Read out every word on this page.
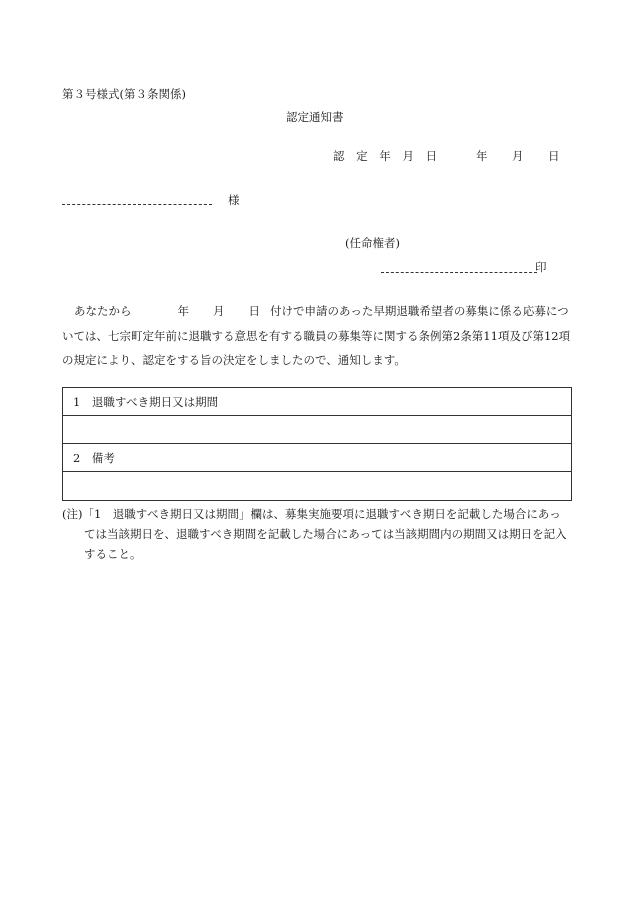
第３号様式(第３条関係)
認定通知書
認 定 年 月 日	年 月 日
様
(任命権者)
印
あなたから	年 月 日 付けで申請のあった早期退職希望者の募集に係る応募については、七宗町定年前に退職する意思を有する職員の募集等に関する条例第2条第11項及び第12項の規定により、認定をする旨の決定をしましたので、通知します。
1　退職すべき期日又は期間
2　備考
(注)「1　退職すべき期日又は期間」欄は、募集実施要項に退職すべき期日を記載した場合にあっ
ては当該期日を、退職すべき期間を記載した場合にあっては当該期間内の期間又は期日を記入すること。
